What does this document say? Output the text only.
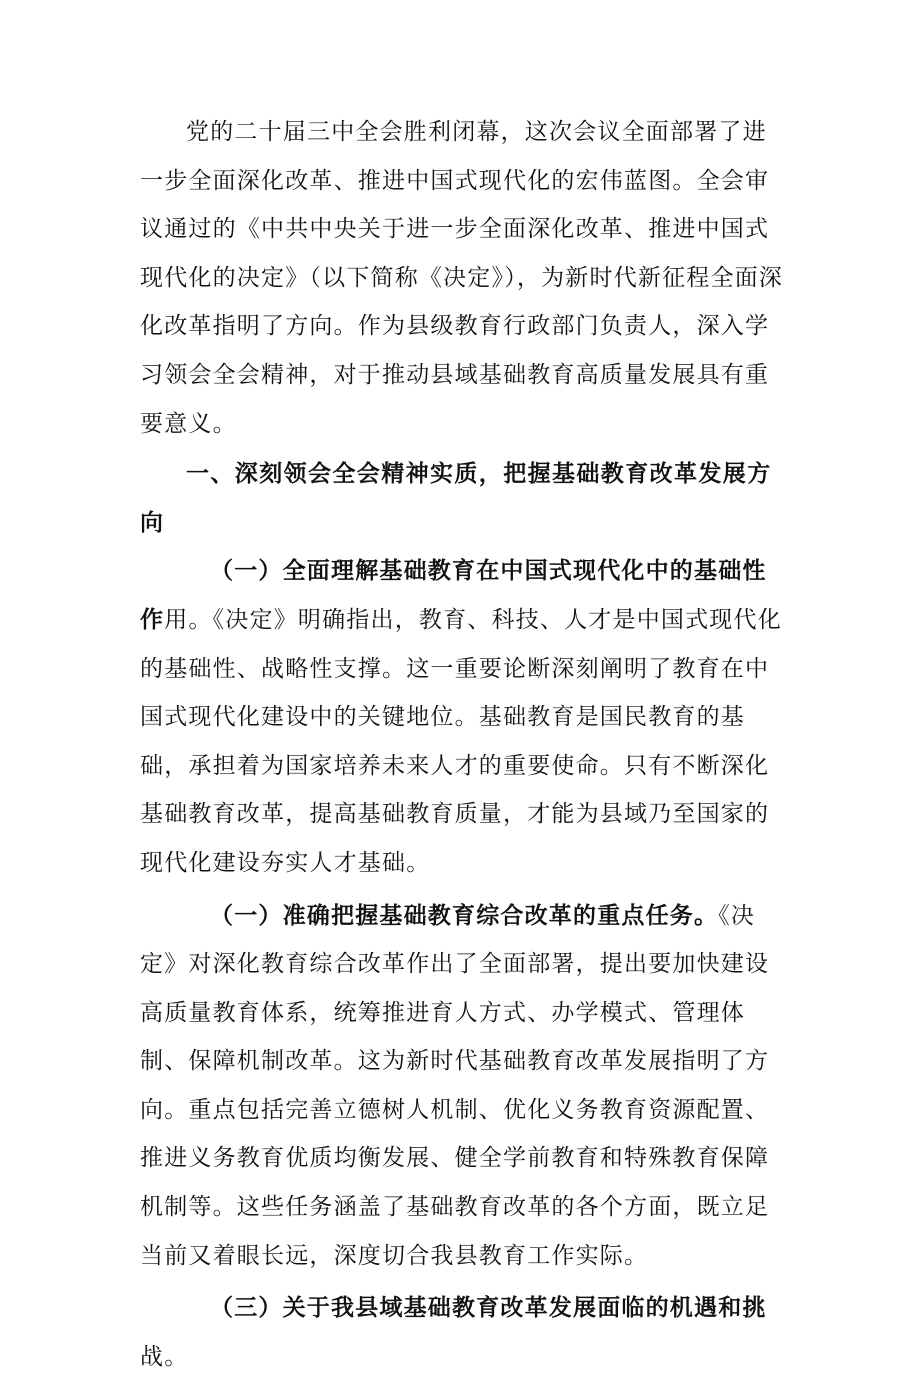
党的二十届三中全会胜利闭幕，这次会议全面部署了进一步全面深化改革、推进中国式现代化的宏伟蓝图。全会审议通过的《中共中央关于进一步全面深化改革、推进中国式现代化的决定》（以下简称《决定》），为新时代新征程全面深化改革指明了方向。作为县级教育行政部门负责人，深入学习领会全会精神，对于推动县域基础教育高质量发展具有重要意义。

一、深刻领会全会精神实质，把握基础教育改革发展方向

（一）全面理解基础教育在中国式现代化中的基础性作用。《决定》明确指出，教育、科技、人才是中国式现代化的基础性、战略性支撑。这一重要论断深刻阐明了教育在中国式现代化建设中的关键地位。基础教育是国民教育的基础，承担着为国家培养未来人才的重要使命。只有不断深化基础教育改革，提高基础教育质量，才能为县域乃至国家的现代化建设夯实人才基础。

（一）准确把握基础教育综合改革的重点任务。《决定》对深化教育综合改革作出了全面部署，提出要加快建设高质量教育体系，统筹推进育人方式、办学模式、管理体制、保障机制改革。这为新时代基础教育改革发展指明了方向。重点包括完善立德树人机制、优化义务教育资源配置、推进义务教育优质均衡发展、健全学前教育和特殊教育保障机制等。这些任务涵盖了基础教育改革的各个方面，既立足当前又着眼长远，深度切合我县教育工作实际。

（三）关于我县域基础教育改革发展面临的机遇和挑战。
